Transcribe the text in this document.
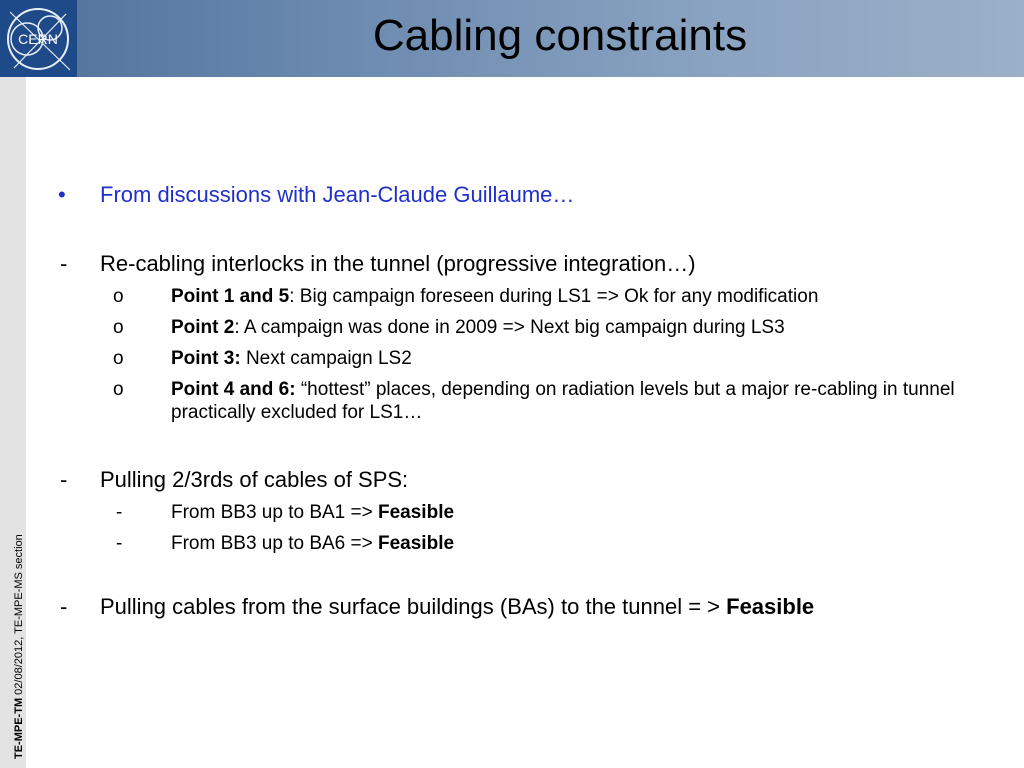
CERN	Cabling constraints
TE-MPE-TM 02/08/2012, TE-MPE-MS section
• From discussions with Jean-Claude Guillaume…
- Re-cabling interlocks in the tunnel (progressive integration…)
o Point 1 and 5: Big campaign foreseen during LS1 => Ok for any modification
o Point 2: A campaign was done in 2009 => Next big campaign during LS3
o Point 3: Next campaign LS2
o Point 4 and 6: “hottest” places, depending on radiation levels but a major re-cabling in tunnel practically excluded for LS1…
- Pulling 2/3rds of cables of SPS:
-	From BB3 up to BA1 => Feasible
-	From BB3 up to BA6 => Feasible
- Pulling cables from the surface buildings (BAs) to the tunnel = > Feasible
